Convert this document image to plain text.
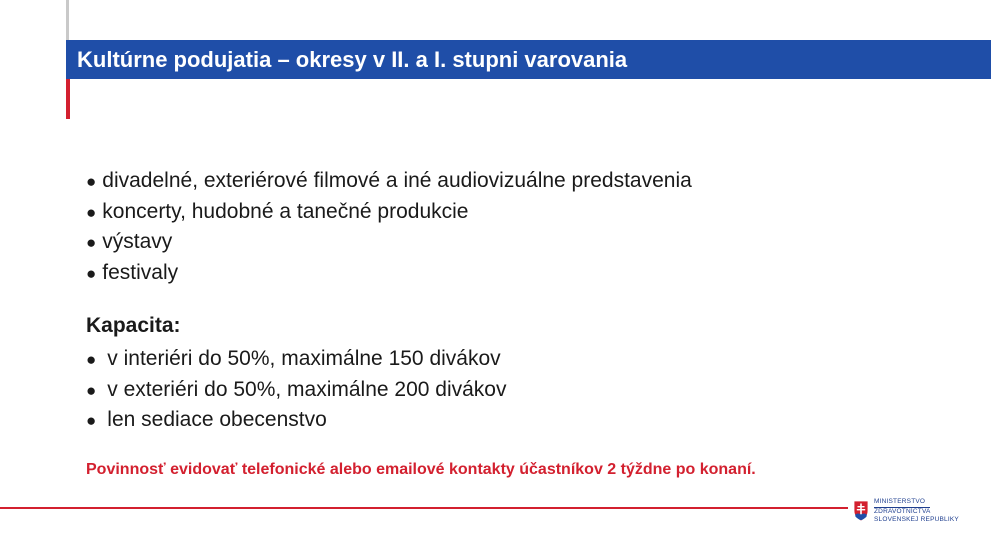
Kultúrne podujatia – okresy v II. a I. stupni varovania
● divadelné, exteriérové filmové a iné audiovizuálne predstavenia
● koncerty, hudobné a tanečné produkcie
● výstavy
● festivaly
Kapacita:
● v interiéri do 50%, maximálne 150 divákov
● v exteriéri do 50%, maximálne 200 divákov
● len sediace obecenstvo
Povinnosť evidovať telefonické alebo emailové kontakty účastníkov 2 týždne po konaní.
MINISTERSTVO
ZDRAVOTNÍCTVA
SLOVENSKEJ REPUBLIKY
